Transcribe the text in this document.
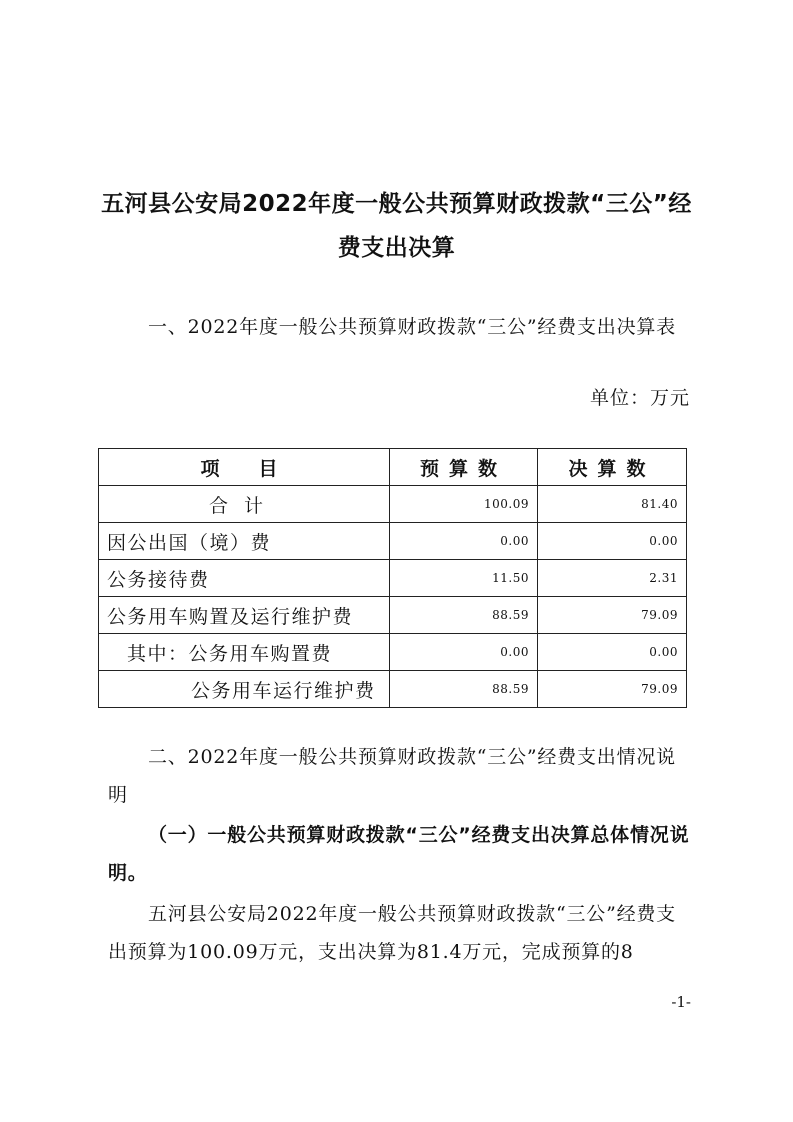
五河县公安局2022年度一般公共预算财政拨款“三公”经费支出决算

一、2022年度一般公共预算财政拨款“三公”经费支出决算表

单位：万元

项　目	预算数	决算数
合计	100.09	81.40
因公出国（境）费	0.00	0.00
公务接待费	11.50	2.31
公务用车购置及运行维护费	88.59	79.09
其中：公务用车购置费	0.00	0.00
公务用车运行维护费	88.59	79.09

二、2022年度一般公共预算财政拨款“三公”经费支出情况说明

（一）一般公共预算财政拨款“三公”经费支出决算总体情况说明。

五河县公安局2022年度一般公共预算财政拨款“三公”经费支出预算为100.09万元，支出决算为81.4万元，完成预算的8

-1-
